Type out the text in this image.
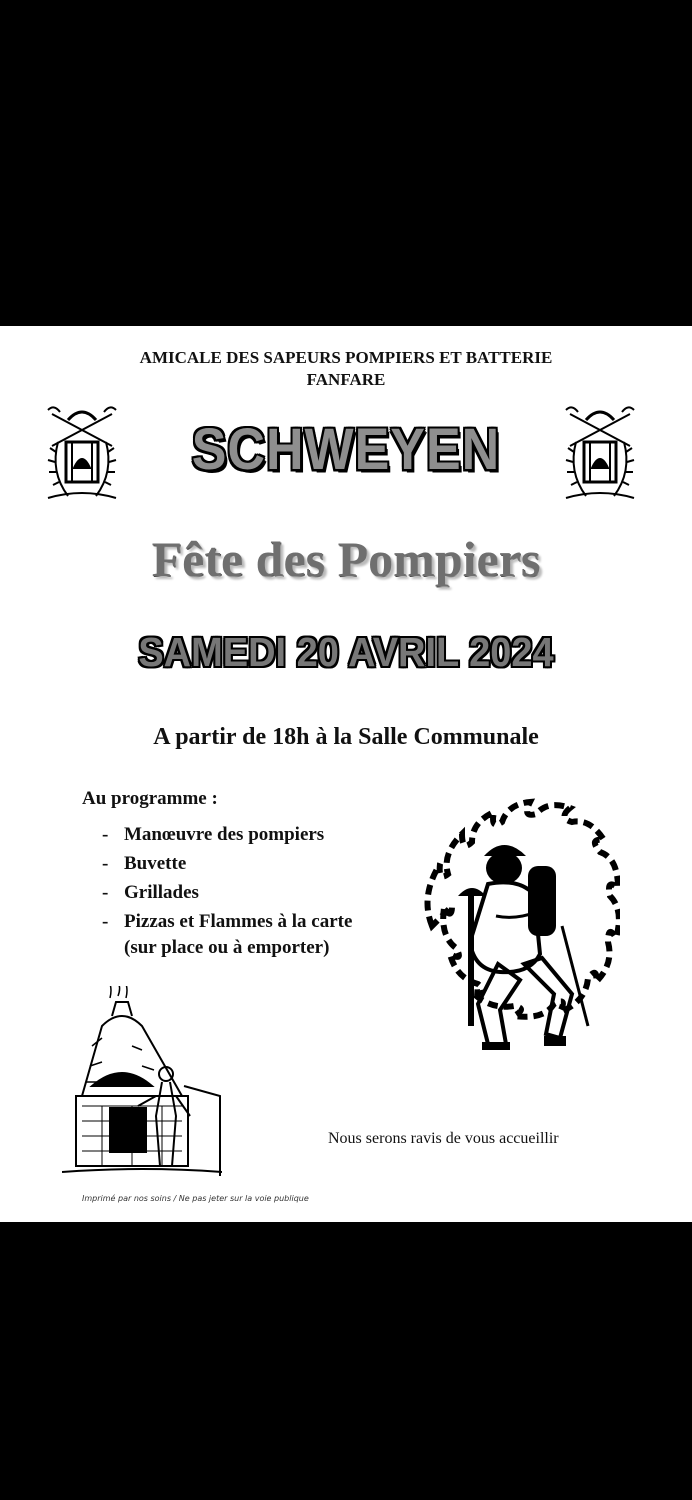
AMICALE DES SAPEURS POMPIERS ET BATTERIE
FANFARE
SCHWEYEN
Fête des Pompiers
SAMEDI 20 AVRIL 2024
A partir de 18h à la Salle Communale
Au programme :
- Manœuvre des pompiers
- Buvette
- Grillades
- Pizzas et Flammes à la carte
(sur place ou à emporter)
Nous serons ravis de vous accueillir
Imprimé par nos soins / Ne pas jeter sur la voie publique
